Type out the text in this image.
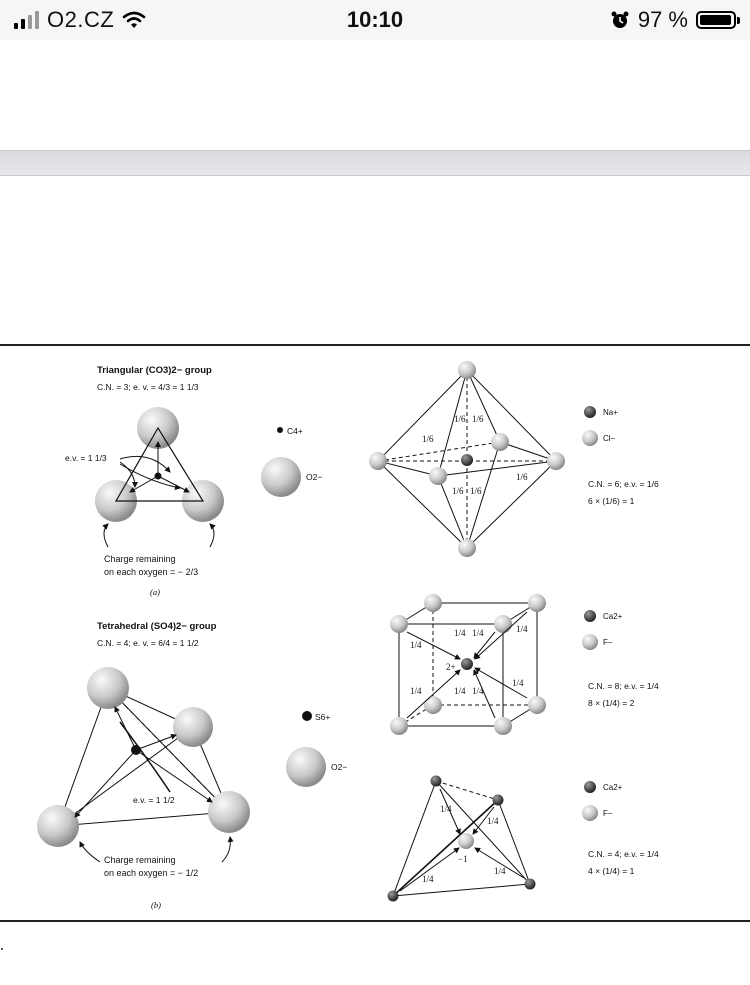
O2.CZ	10:10	97 %
Triangular (CO3)2− group
C.N. = 3; e. v. = 4/3 = 1 1/3
e.v. = 1 1/3
Charge remaining
on each oxygen = − 2/3
(a)
C4+
O2−
Tetrahedral (SO4)2− group
C.N. = 4; e. v. = 6/4 = 1 1/2
e.v. = 1 1/2
Charge remaining
on each oxygen = − 1/2
(b)
S6+
O2−
1/6 1/6
1/6
1/6
1/6 1/6
Na+
Cl−
C.N. = 6; e.v. = 1/6
6 × (1/6) = 1
2+
1/4
1/4 1/4	1/4
1/4	1/4 1/4
1/4
Ca2+
F−
C.N. = 8; e.v. = 1/4
8 × (1/4) = 2
−1
1/4
1/4
1/4
1/4
Ca2+
F−
C.N. = 4; e.v. = 1/4
4 × (1/4) = 1
